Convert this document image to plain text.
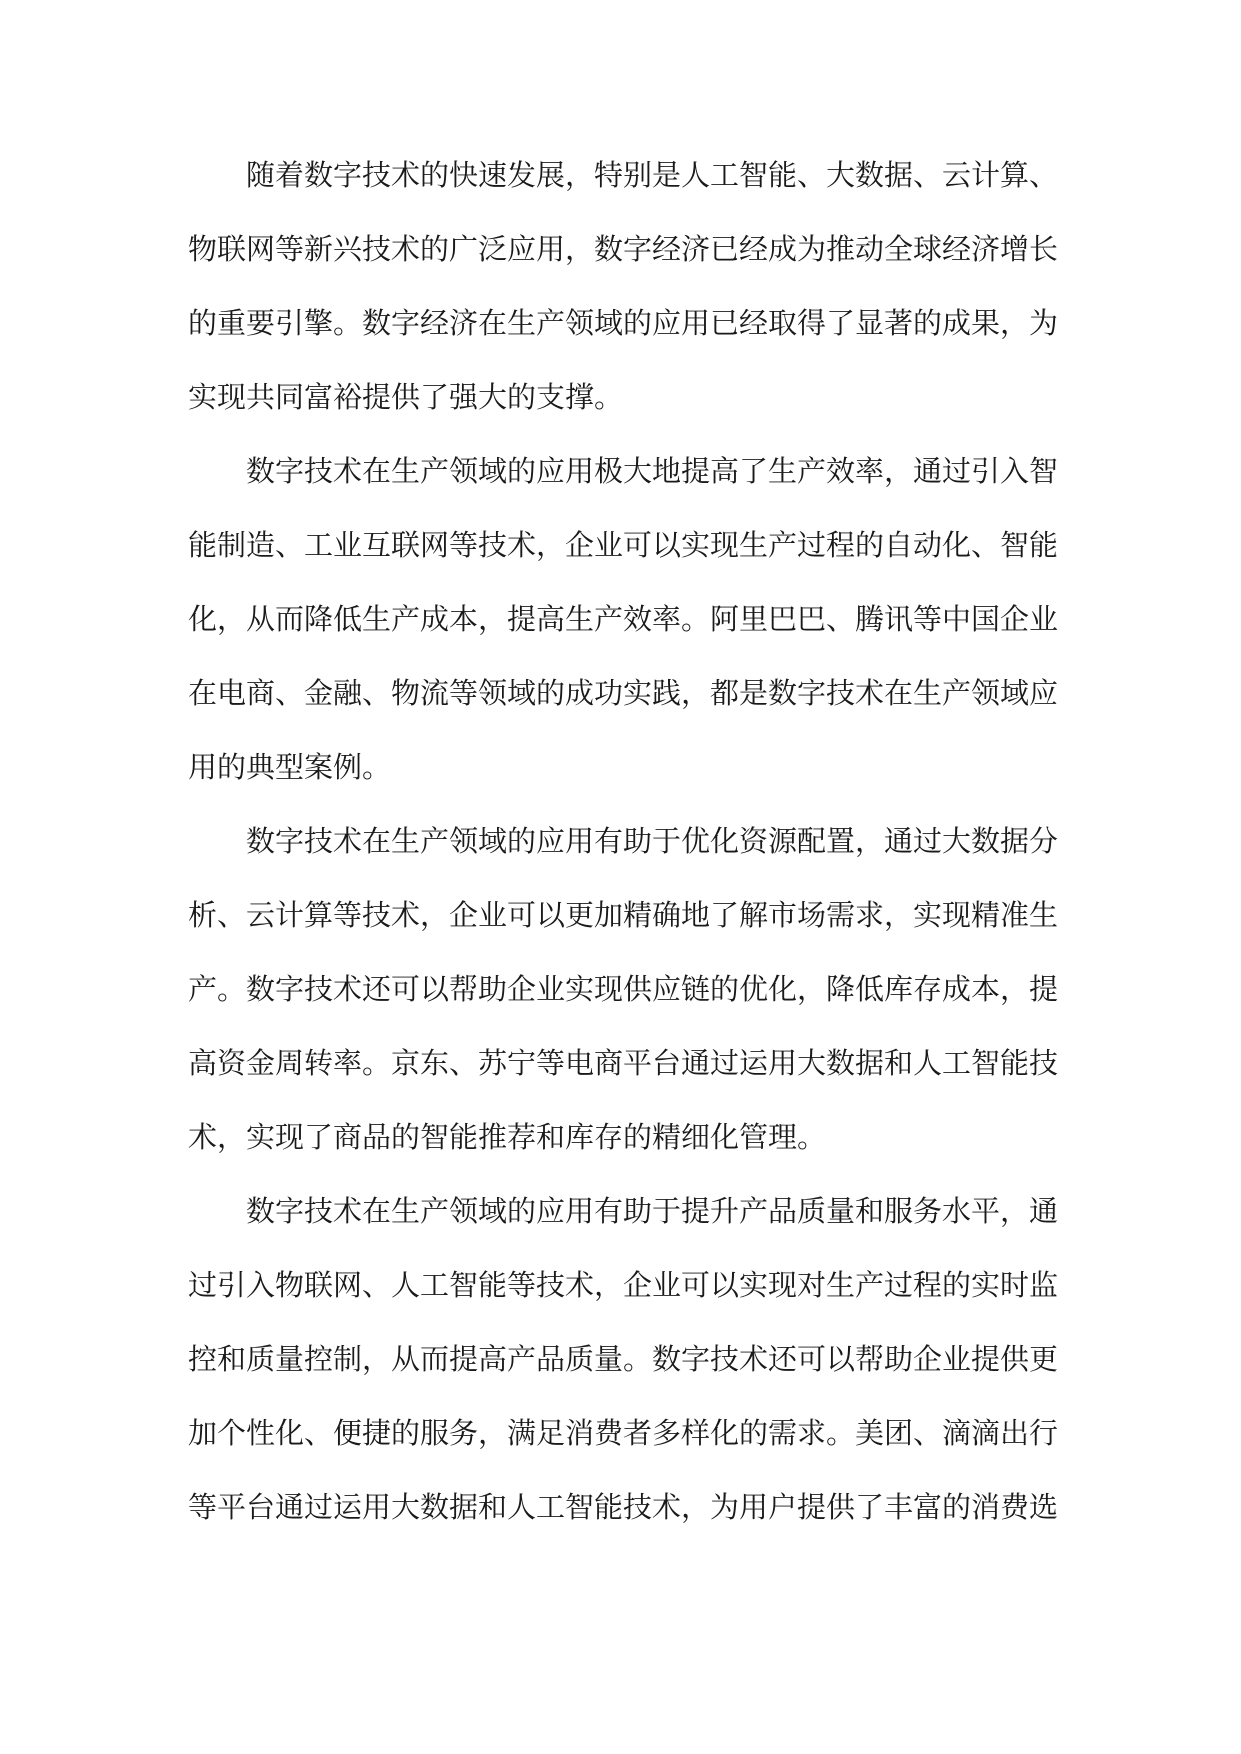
随着数字技术的快速发展，特别是人工智能、大数据、云计算、物联网等新兴技术的广泛应用，数字经济已经成为推动全球经济增长的重要引擎。数字经济在生产领域的应用已经取得了显著的成果，为实现共同富裕提供了强大的支撑。

数字技术在生产领域的应用极大地提高了生产效率，通过引入智能制造、工业互联网等技术，企业可以实现生产过程的自动化、智能化，从而降低生产成本，提高生产效率。阿里巴巴、腾讯等中国企业在电商、金融、物流等领域的成功实践，都是数字技术在生产领域应用的典型案例。

数字技术在生产领域的应用有助于优化资源配置，通过大数据分析、云计算等技术，企业可以更加精确地了解市场需求，实现精准生产。数字技术还可以帮助企业实现供应链的优化，降低库存成本，提高资金周转率。京东、苏宁等电商平台通过运用大数据和人工智能技术，实现了商品的智能推荐和库存的精细化管理。

数字技术在生产领域的应用有助于提升产品质量和服务水平，通过引入物联网、人工智能等技术，企业可以实现对生产过程的实时监控和质量控制，从而提高产品质量。数字技术还可以帮助企业提供更加个性化、便捷的服务，满足消费者多样化的需求。美团、滴滴出行等平台通过运用大数据和人工智能技术，为用户提供了丰富的消费选
